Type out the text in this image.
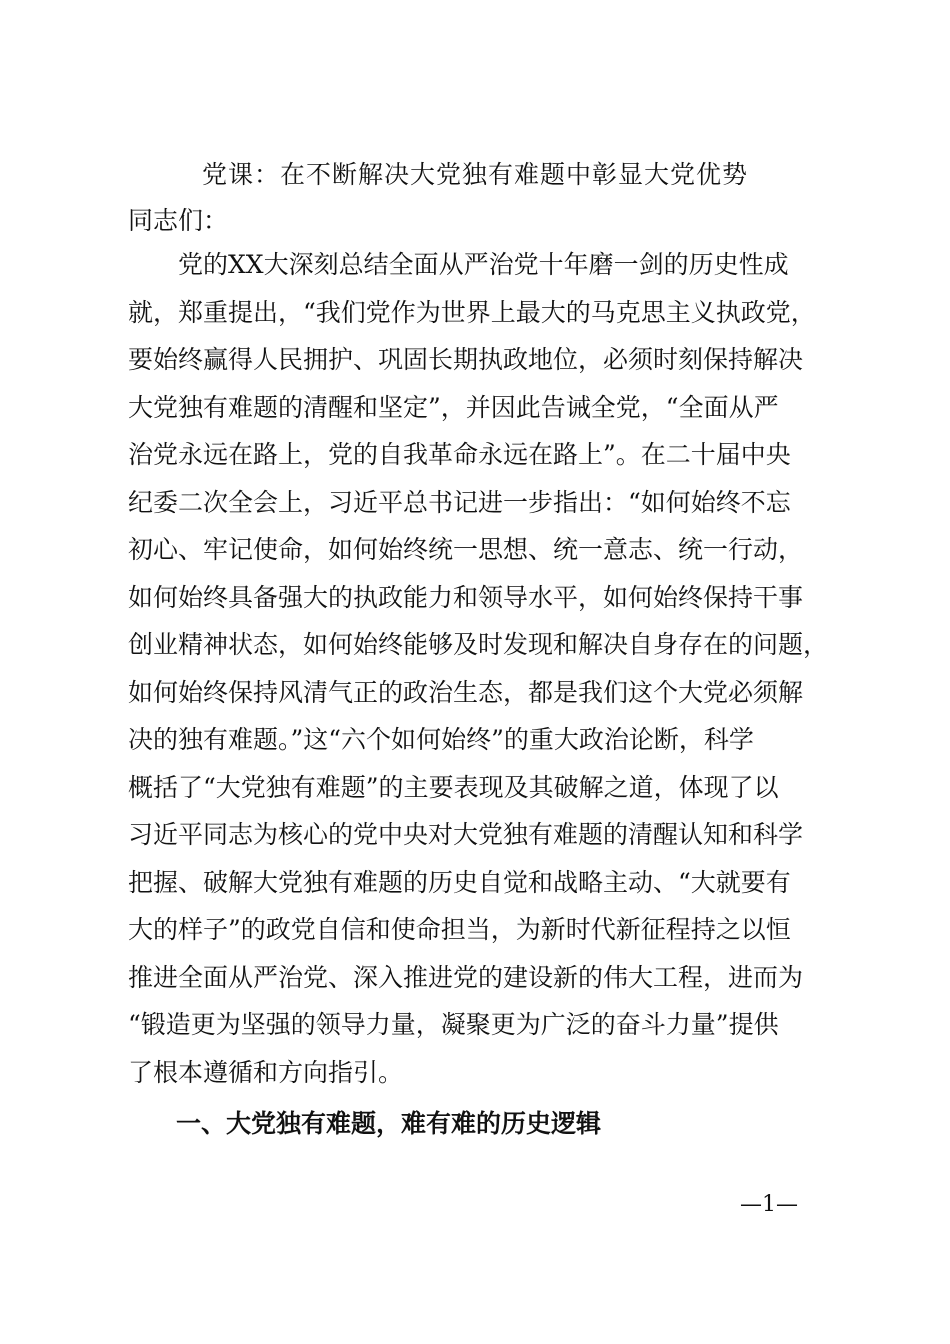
党课：在不断解决大党独有难题中彰显大党优势
同志们：
　　党的XX大深刻总结全面从严治党十年磨一剑的历史性成
就，郑重提出，“我们党作为世界上最大的马克思主义执政党，
要始终赢得人民拥护、巩固长期执政地位，必须时刻保持解决
大党独有难题的清醒和坚定”，并因此告诫全党，“全面从严
治党永远在路上，党的自我革命永远在路上”。在二十届中央
纪委二次全会上，习近平总书记进一步指出：“如何始终不忘
初心、牢记使命，如何始终统一思想、统一意志、统一行动，
如何始终具备强大的执政能力和领导水平，如何始终保持干事
创业精神状态，如何始终能够及时发现和解决自身存在的问题，
如何始终保持风清气正的政治生态，都是我们这个大党必须解
决的独有难题。”这“六个如何始终”的重大政治论断，科学
概括了“大党独有难题”的主要表现及其破解之道，体现了以
习近平同志为核心的党中央对大党独有难题的清醒认知和科学
把握、破解大党独有难题的历史自觉和战略主动、“大就要有
大的样子”的政党自信和使命担当，为新时代新征程持之以恒
推进全面从严治党、深入推进党的建设新的伟大工程，进而为
“锻造更为坚强的领导力量，凝聚更为广泛的奋斗力量”提供
了根本遵循和方向指引。
一、大党独有难题，难有难的历史逻辑
—1—
